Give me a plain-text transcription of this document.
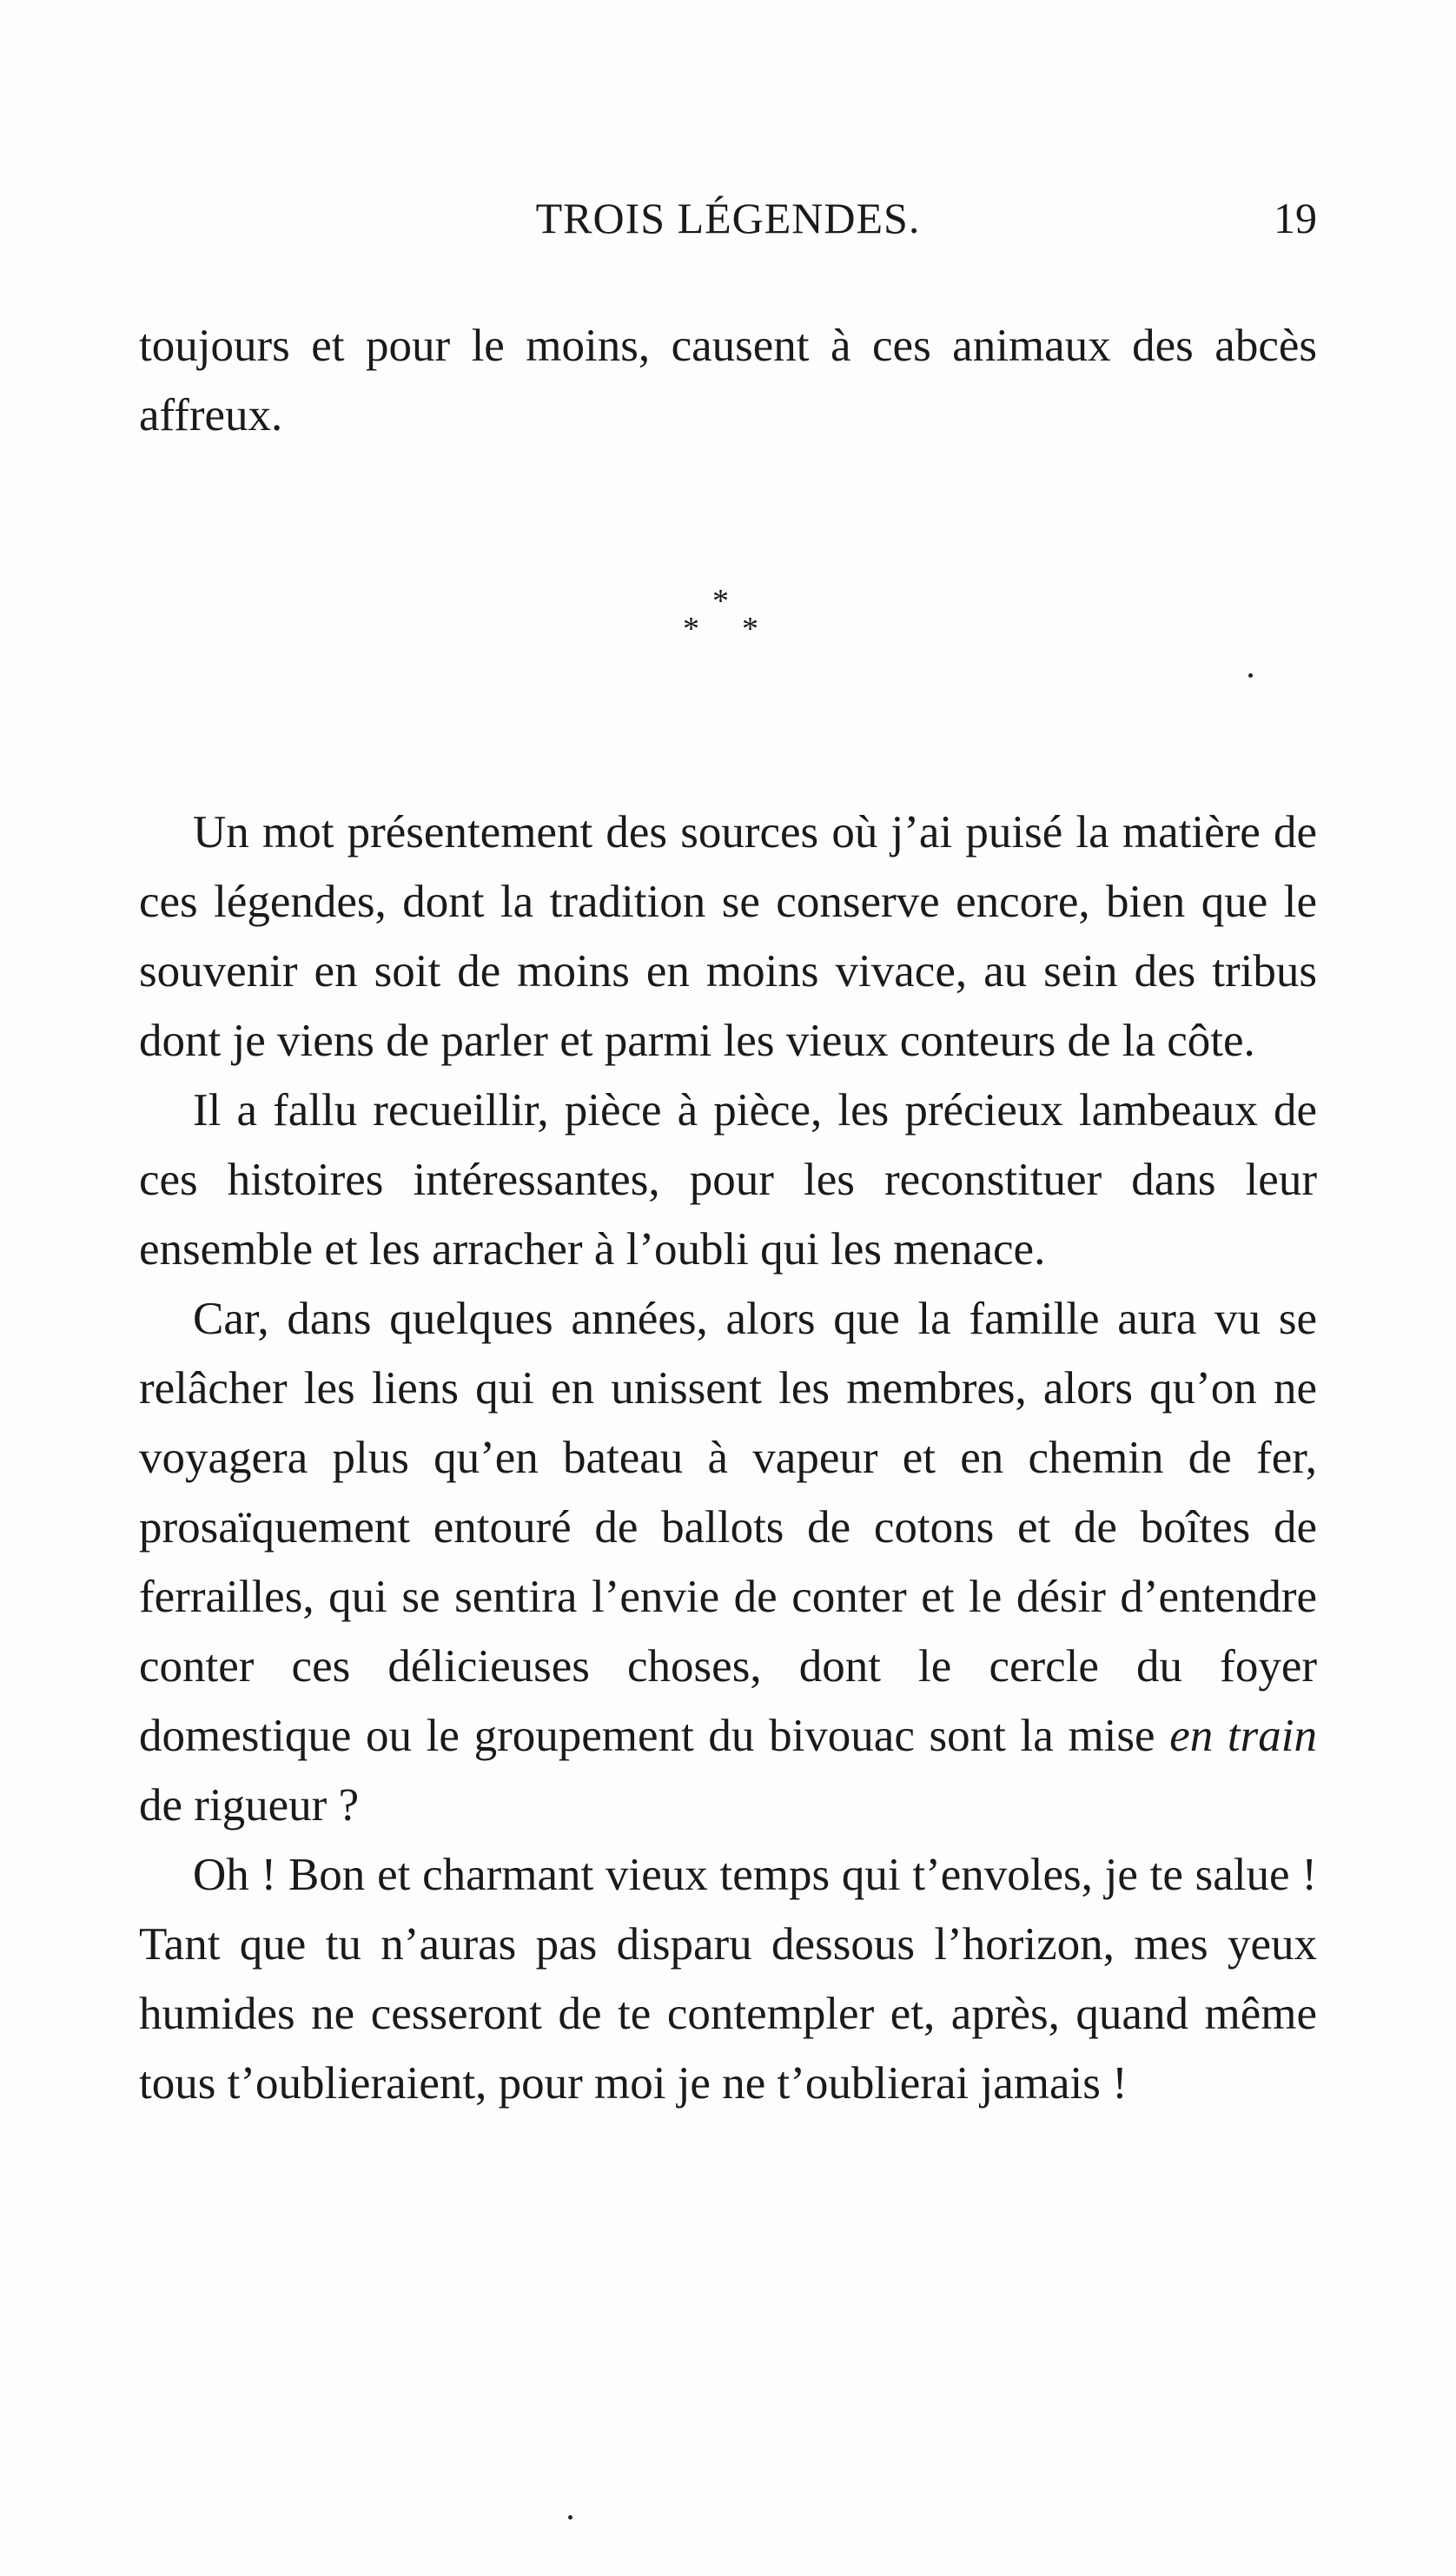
TROIS LÉGENDES.	19

toujours et pour le moins, causent à ces animaux des abcès affreux.

*
* *

Un mot présentement des sources où j’ai puisé la matière de ces légendes, dont la tradition se conserve encore, bien que le souvenir en soit de moins en moins vivace, au sein des tribus dont je viens de parler et parmi les vieux conteurs de la côte.

Il a fallu recueillir, pièce à pièce, les précieux lambeaux de ces histoires intéressantes, pour les reconstituer dans leur ensemble et les arracher à l’oubli qui les menace.

Car, dans quelques années, alors que la famille aura vu se relâcher les liens qui en unissent les membres, alors qu’on ne voyagera plus qu’en bateau à vapeur et en chemin de fer, prosaïquement entouré de ballots de cotons et de boîtes de ferrailles, qui se sentira l’envie de conter et le désir d’entendre conter ces délicieuses choses, dont le cercle du foyer domestique ou le groupement du bivouac sont la mise en train de rigueur ?

Oh ! Bon et charmant vieux temps qui t’envoles, je te salue ! Tant que tu n’auras pas disparu dessous l’horizon, mes yeux humides ne cesseront de te contempler et, après, quand même tous t’oublieraient, pour moi je ne t’oublierai jamais !
